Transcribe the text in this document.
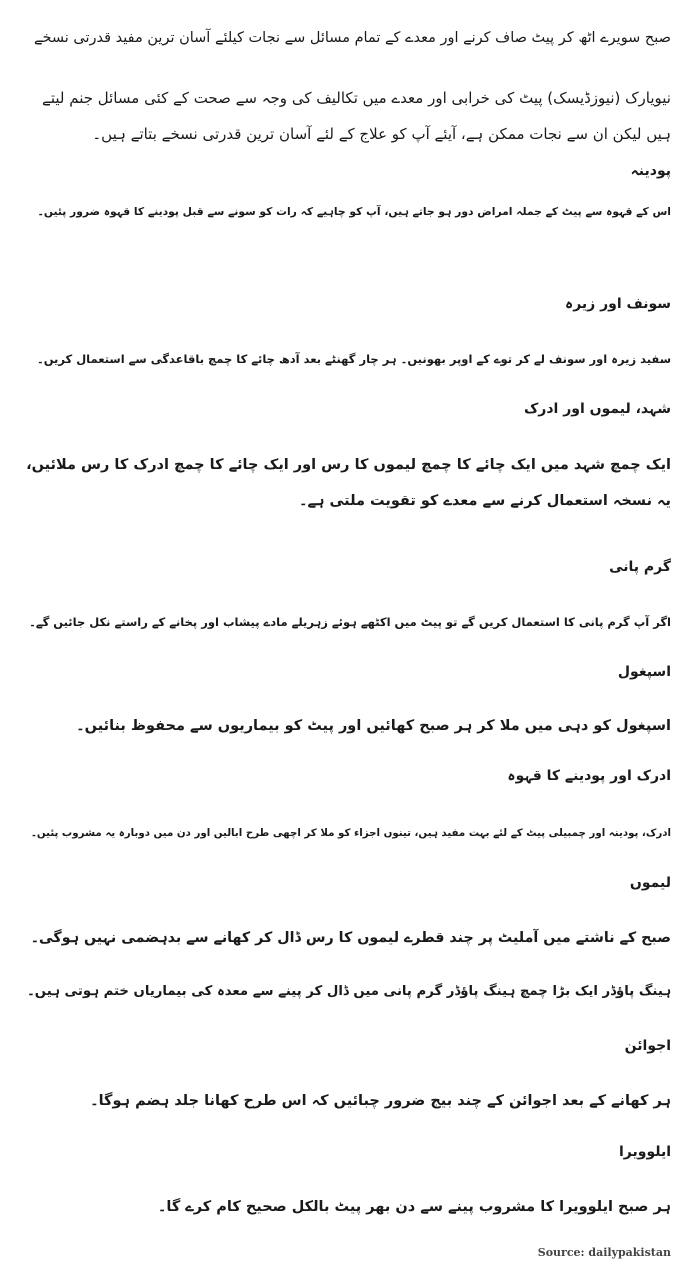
صبح سویرے اٹھ کر پیٹ صاف کرنے اور معدے کے تمام مسائل سے نجات کیلئے آسان ترین مفید قدرتی نسخے

نیویارک (نیوزڈیسک) پیٹ کی خرابی اور معدے میں تکالیف کی وجہ سے صحت کے کئی مسائل جنم لیتے ہیں لیکن ان سے نجات ممکن ہے، آیئے آپ کو علاج کے لئے آسان ترین قدرتی نسخے بتاتے ہیں۔

پودینہ

اس کے قہوہ سے پیٹ کے جملہ امراض دور ہو جاتے ہیں، آپ کو چاہیے کہ رات کو سونے سے قبل پودینے کا قہوہ ضرور پئیں۔

سونف اور زیرہ

سفید زیرہ اور سونف لے کر توے کے اوپر بھونیں۔ ہر چار گھنٹے بعد آدھ چائے کا چمچ باقاعدگی سے استعمال کریں۔

شہد، لیموں اور ادرک

ایک چمچ شہد میں ایک چائے کا چمچ لیموں کا رس اور ایک چائے کا چمچ ادرک کا رس ملائیں، یہ نسخہ استعمال کرنے سے معدے کو تقویت ملتی ہے۔

گرم پانی

اگر آپ گرم پانی کا استعمال کریں گے تو پیٹ میں اکٹھے ہوئے زہریلے مادے پیشاب اور پخانے کے راستے نکل جائیں گے۔

اسپغول

اسپغول کو دہی میں ملا کر ہر صبح کھائیں اور پیٹ کو بیماریوں سے محفوظ بنائیں۔

ادرک اور پودینے کا قہوہ

ادرک، پودینہ اور چمبیلی پیٹ کے لئے بہت مفید ہیں، تینوں اجزاء کو ملا کر اچھی طرح ابالیں اور دن میں دوبارہ یہ مشروب پئیں۔

لیموں

صبح کے ناشتے میں آملیٹ پر چند قطرے لیموں کا رس ڈال کر کھانے سے بدہضمی نہیں ہوگی۔

ہینگ پاؤڈر ایک بڑا چمچ ہینگ پاؤڈر گرم پانی میں ڈال کر پینے سے معدہ کی بیماریاں ختم ہوتی ہیں۔

اجوائن

ہر کھانے کے بعد اجوائن کے چند بیج ضرور چبائیں کہ اس طرح کھانا جلد ہضم ہوگا۔

ایلوویرا

ہر صبح ایلوویرا کا مشروب پینے سے دن بھر پیٹ بالکل صحیح کام کرے گا۔

Source: dailypakistan
